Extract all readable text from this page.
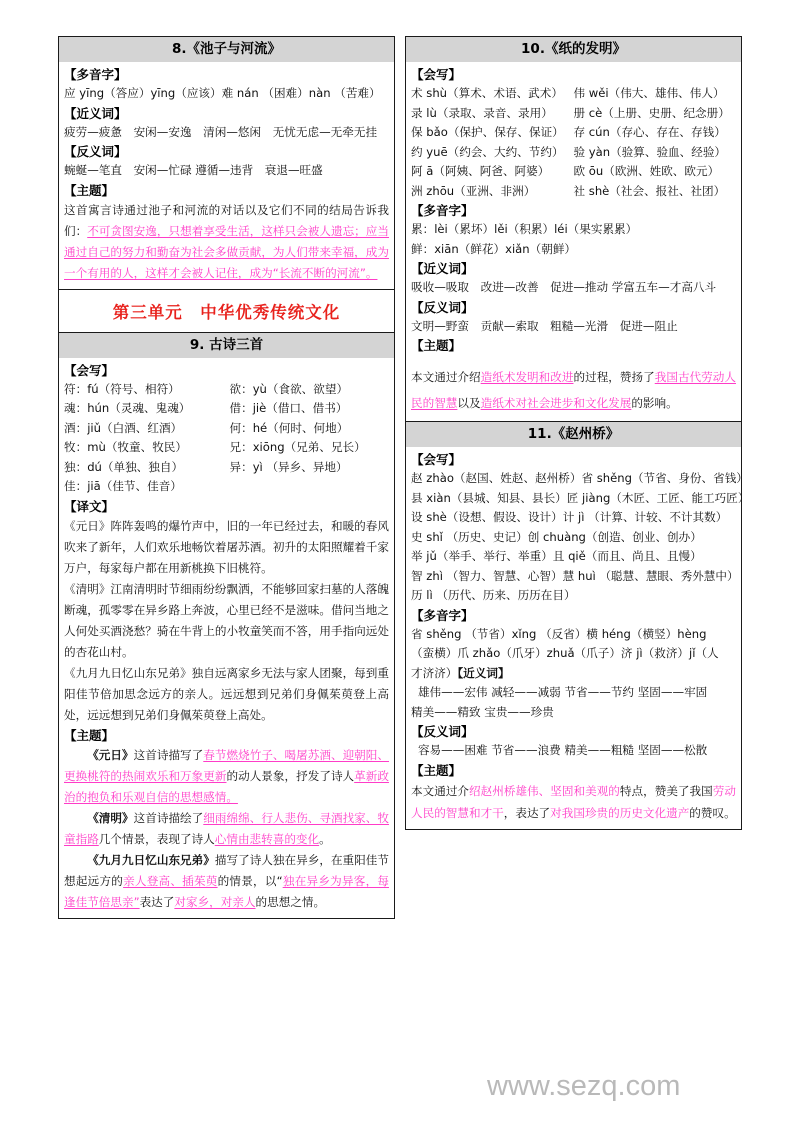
8.《池子与河流》
【多音字】
应 yīng（答应）yīng（应该）难 nán （困难）nàn （苦难）
【近义词】
疲劳—疲惫　安闲—安逸　清闲—悠闲　无忧无虑—无牵无挂
【反义词】
蜿蜒—笔直　安闲—忙碌 遵循—违背　衰退—旺盛
【主题】
这首寓言诗通过池子和河流的对话以及它们不同的结局告诉我们：不可贪图安逸，只想着享受生活，这样只会被人遗忘；应当通过自己的努力和勤奋为社会多做贡献，为人们带来幸福，成为一个有用的人，这样才会被人记住，成为“长流不断的河流”。
第三单元　中华优秀传统文化
9. 古诗三首
【会写】
符：fú（符号、相符）	欲：yù（食欲、欲望）
魂：hún（灵魂、鬼魂）	借：jiè（借口、借书）
酒：jiǔ（白酒、红酒）	何：hé（何时、何地）
牧：mù（牧童、牧民）	兄：xiōng（兄弟、兄长）
独：dú（单独、独自）	异：yì （异乡、异地）
佳：jiā（佳节、佳音）
【译文】
《元日》阵阵轰鸣的爆竹声中，旧的一年已经过去，和暖的春风吹来了新年，人们欢乐地畅饮着屠苏酒。初升的太阳照耀着千家万户，每家每户都在用新桃换下旧桃符。
《清明》江南清明时节细雨纷纷飘洒，不能够回家扫墓的人落魄断魂，孤零零在异乡路上奔波，心里已经不是滋味。借问当地之人何处买酒浇愁？骑在牛背上的小牧童笑而不答，用手指向远处的杏花山村。
《九月九日忆山东兄弟》独自远离家乡无法与家人团聚，每到重阳佳节倍加思念远方的亲人。远远想到兄弟们身佩茱萸登上高处，远远想到兄弟们身佩茱萸登上高处。
【主题】
《元日》这首诗描写了春节燃烧竹子、喝屠苏酒、迎朝阳、更换桃符的热闹欢乐和万象更新的动人景象，抒发了诗人革新政治的抱负和乐观自信的思想感情。
《清明》这首诗描绘了细雨绵绵、行人悲伤、寻酒找家、牧童指路几个情景，表现了诗人心情由悲转喜的变化。
《九月九日忆山东兄弟》描写了诗人独在异乡，在重阳佳节想起远方的亲人登高、插茱萸的情景，以“独在异乡为异客，每逢佳节倍思亲”表达了对家乡，对亲人的思想之情。
10.《纸的发明》
【会写】
术 shù（算术、术语、武术） 伟 wěi（伟大、雄伟、伟人）
录 lù（录取、录音、录用）	册 cè（上册、史册、纪念册）
保 bǎo（保护、保存、保证） 存 cún（存心、存在、存钱）
约 yuē（约会、大约、节约） 验 yàn（验算、验血、经验）
阿 ā（阿姨、阿爸、阿婆）	欧 ōu（欧洲、姓欧、欧元）
洲 zhōu（亚洲、非洲）	社 shè（社会、报社、社团）
【多音字】
累：lèi（累坏）lěi（积累）léi（果实累累）
鲜：xiān（鲜花）xiǎn（朝鲜）
【近义词】
吸收—吸取　改进—改善　促进—推动 学富五车—才高八斗
【反义词】
文明—野蛮　贡献—索取　粗糙—光滑　促进—阻止
【主题】
本文通过介绍造纸术发明和改进的过程，赞扬了我国古代劳动人民的智慧以及造纸术对社会进步和文化发展的影响。
11.《赵州桥》
【会写】
赵 zhào（赵国、姓赵、赵州桥）省 shěng（节省、身份、省钱）
县 xiàn（县城、知县、县长）匠 jiàng（木匠、工匠、能工巧匠）
设 shè（设想、假设、设计）计 jì （计算、计较、不计其数）
史 shǐ （历史、史记）创 chuàng（创造、创业、创办）
举 jǔ（举手、举行、举重）且 qiě（而且、尚且、且慢）
智 zhì （智力、智慧、心智）慧 huì （聪慧、慧眼、秀外慧中）
历 lì （历代、历来、历历在目）
【多音字】
省 shěng （节省）xǐng （反省）横 héng（横竖）hèng
（蛮横）爪 zhǎo（爪牙）zhuǎ（爪子）济 jì（救济）jǐ（人
才济济）【近义词】
雄伟——宏伟 减轻——减弱 节省——节约 坚固——牢固
精美——精致 宝贵——珍贵
【反义词】
容易——困难 节省——浪费 精美——粗糙 坚固——松散
【主题】
本文通过介绍赵州桥雄伟、坚固和美观的特点，赞美了我国劳动人民的智慧和才干，表达了对我国珍贵的历史文化遗产的赞叹。
www.sezq.com
